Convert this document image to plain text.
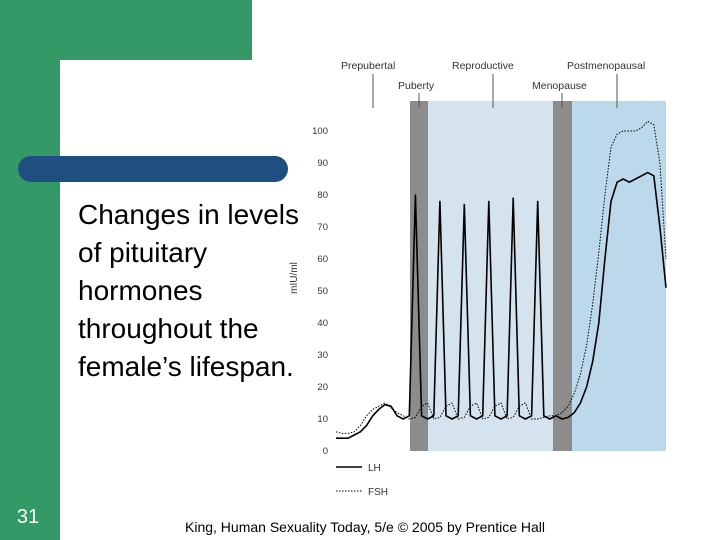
31
Changes in levels of pituitary hormones throughout the female’s lifespan.
King, Human Sexuality Today, 5/e © 2005 by Prentice Hall
Prepubertal	Reproductive	Postmenopausal
Puberty	Menopause
mIU/ml
0
10
20
30
40
50
60
70
80
90
100
LH
FSH
